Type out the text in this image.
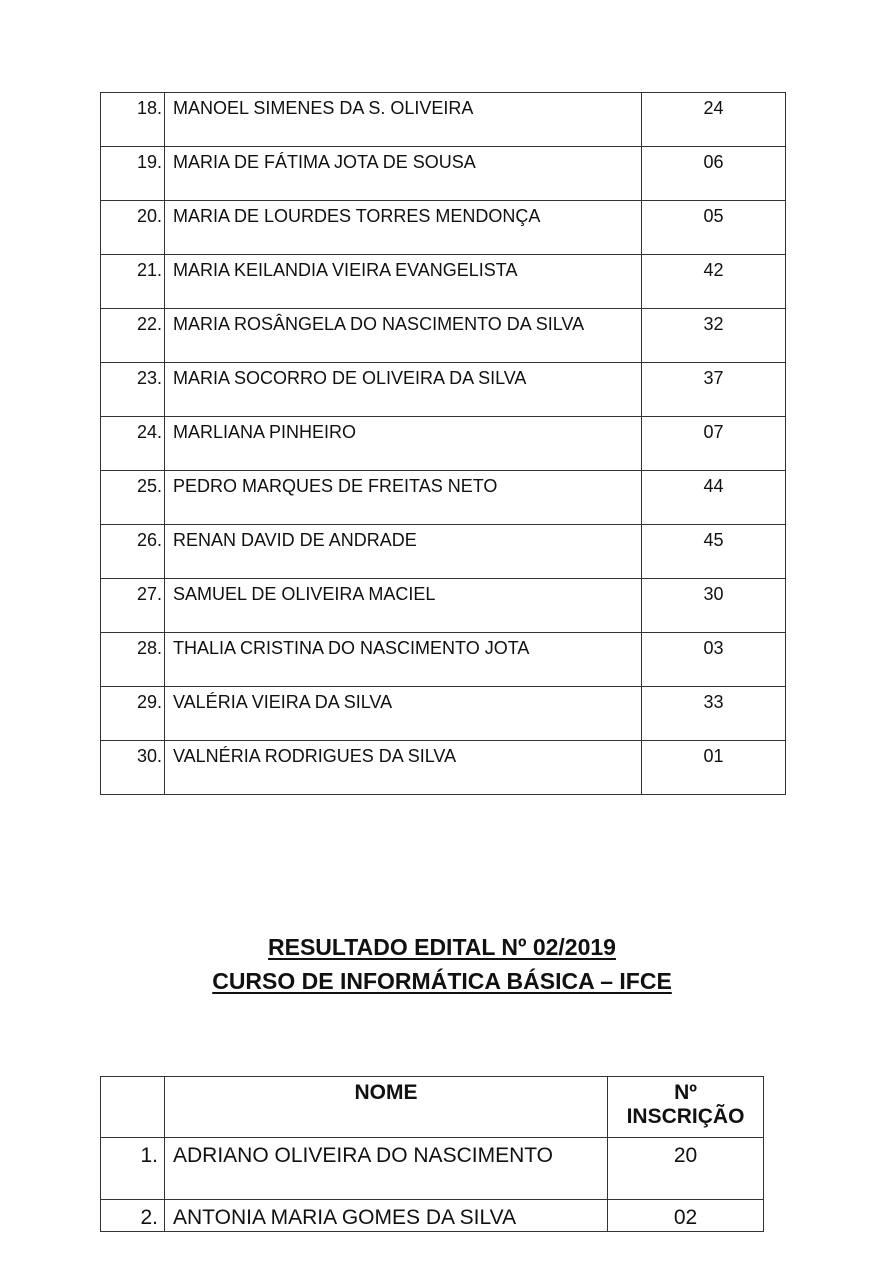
18.	MANOEL SIMENES DA S. OLIVEIRA	24
19.	MARIA DE FÁTIMA JOTA DE SOUSA	06
20.	MARIA DE LOURDES TORRES MENDONÇA	05
21.	MARIA KEILANDIA VIEIRA EVANGELISTA	42
22.	MARIA ROSÂNGELA DO NASCIMENTO DA SILVA	32
23.	MARIA SOCORRO DE OLIVEIRA DA SILVA	37
24.	MARLIANA PINHEIRO	07
25.	PEDRO MARQUES DE FREITAS NETO	44
26.	RENAN DAVID DE ANDRADE	45
27.	SAMUEL DE OLIVEIRA MACIEL	30
28.	THALIA CRISTINA DO NASCIMENTO JOTA	03
29.	VALÉRIA VIEIRA DA SILVA	33
30.	VALNÉRIA RODRIGUES DA SILVA	01
RESULTADO EDITAL Nº 02/2019
CURSO DE INFORMÁTICA BÁSICA – IFCE
	NOME	Nº
INSCRIÇÃO

1.	ADRIANO OLIVEIRA DO NASCIMENTO	20
2.	ANTONIA MARIA GOMES DA SILVA	02
